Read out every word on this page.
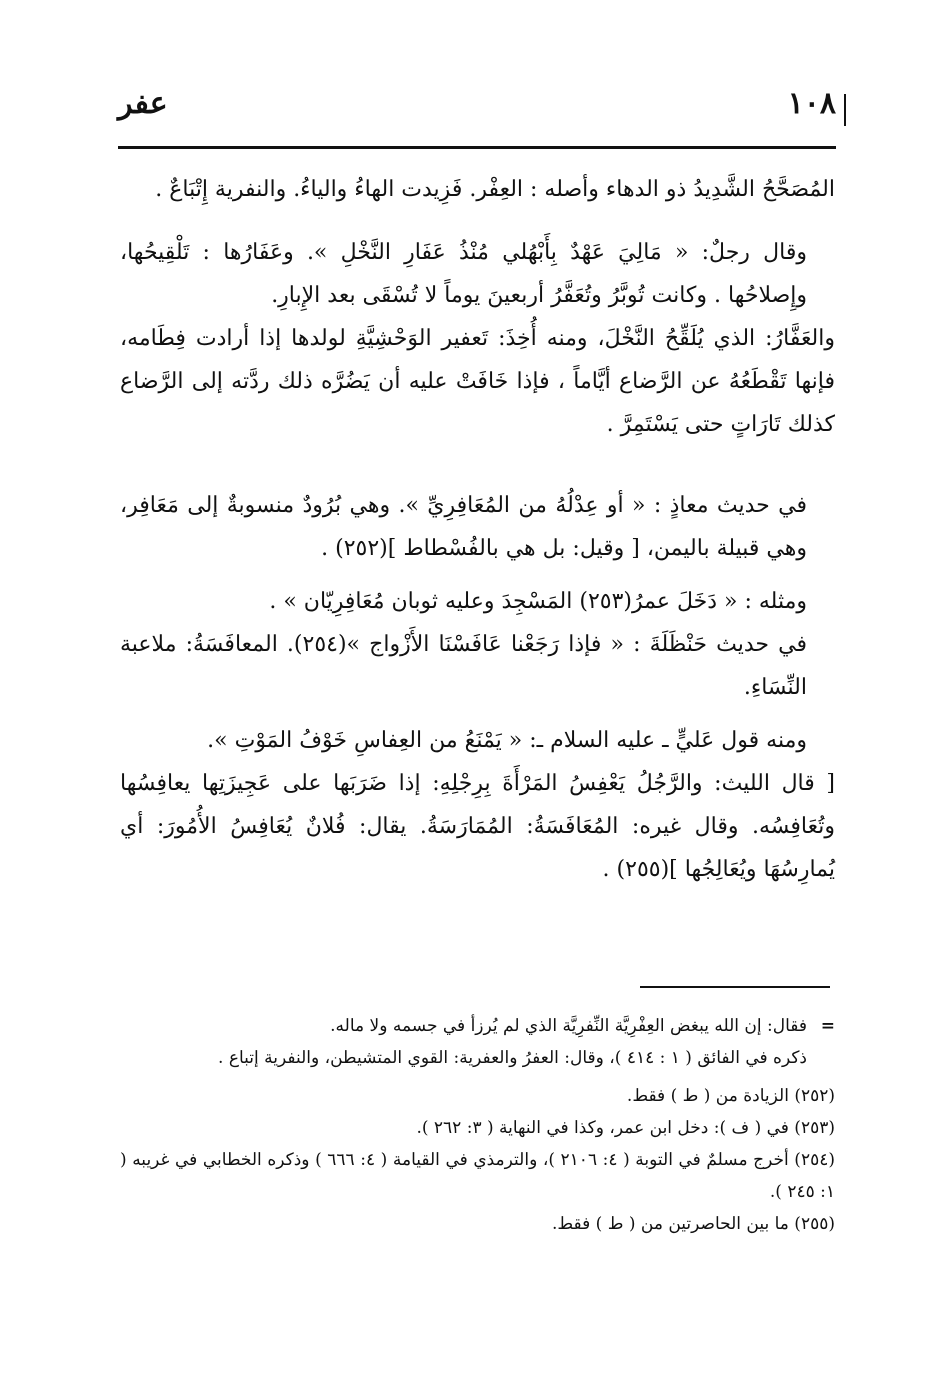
١٠٨
عفر

المُصَحَّحُ الشَّدِيدُ ذو الدهاء وأصله : العِفْر. فَزِيدت الهاءُ والياءُ. والنفرية إِتْبَاعٌ .

وقال رجلٌ: « مَالِيَ عَهْدٌ بِأَبْهُلي مُنْذُ عَفَارِ النَّخْلِ ». وعَفَارُها : تَلْقِيحُها، وإِصلاحُها . وكانت تُوبَّرُ وتُعَفَّرُ أربعينَ يوماً لا تُسْقَى بعد الإِبارِ.

والعَفَّارُ: الذي يُلَقِّحُ النَّخْلَ، ومنه أُخِذَ: تَعفير الوَحْشِيَّةِ لولدها إذا أرادت فِطَامه، فإنها تَقْطَعُهُ عن الرَّضاع أيَّاماً ، فإذا خَافَتْ عليه أن يَضُرَّه ذلك ردَّته إلى الرَّضاع كذلك تَارَاتٍ حتى يَسْتَمِرَّ .

في حديث معاذٍ : « أو عِدْلُهُ من المُعَافِرِيِّ ». وهي بُرُودٌ منسوبةٌ إلى مَعَافِر، وهي قبيلة باليمن، [ وقيل: بل هي بالفُسْطاط ](٢٥٢) .

ومثله : « دَخَلَ عمرُ(٢٥٣) المَسْجِدَ وعليه ثوبان مُعَافِرِيّان » .

في حديث حَنْظَلَةَ : « فإذا رَجَعْنا عَافَسْنَا الأَزْواج »(٢٥٤). المعافَسَةُ: ملاعبة النِّسَاءِ.

ومنه قول عَليٍّ ـ عليه السلام ـ: « يَمْنَعُ من العِفاسِ خَوْفُ المَوْتِ ».

[ قال الليث: والرَّجُلُ يَعْفِسُ المَرْأَةَ بِرِجْلِهِ: إذا ضَرَبَها على عَجِيزَتِها يعافِسُها وتُعَافِسُه. وقال غيره: المُعَافَسَةُ: المُمَارَسَةُ. يقال: فُلانٌ يُعَافِسُ الأُمُورَ: أي يُمارِسُهَا ويُعَالِجُها ](٢٥٥) .

=
فقال: إن الله يبغض العِفْرِيَّة النِّفرِيَّة الذي لم يُرزأ في جسمه ولا ماله.

ذكره في الفائق ( ١ : ٤١٤ )، وقال: العفرُ والعفرية: القوي المتشيطن، والنفرية إتباع .

(٢٥٢) الزيادة من ( ط ) فقط.

(٢٥٣) في ( ف ): دخل ابن عمر، وكذا في النهاية ( ٣: ٢٦٢ ).

(٢٥٤) أخرج مسلمٌ في التوبة ( ٤: ٢١٠٦ )، والترمذي في القيامة ( ٤: ٦٦٦ ) وذكره الخطابي في غريبه ( ١: ٢٤٥ ).

(٢٥٥) ما بين الحاصرتين من ( ط ) فقط.
